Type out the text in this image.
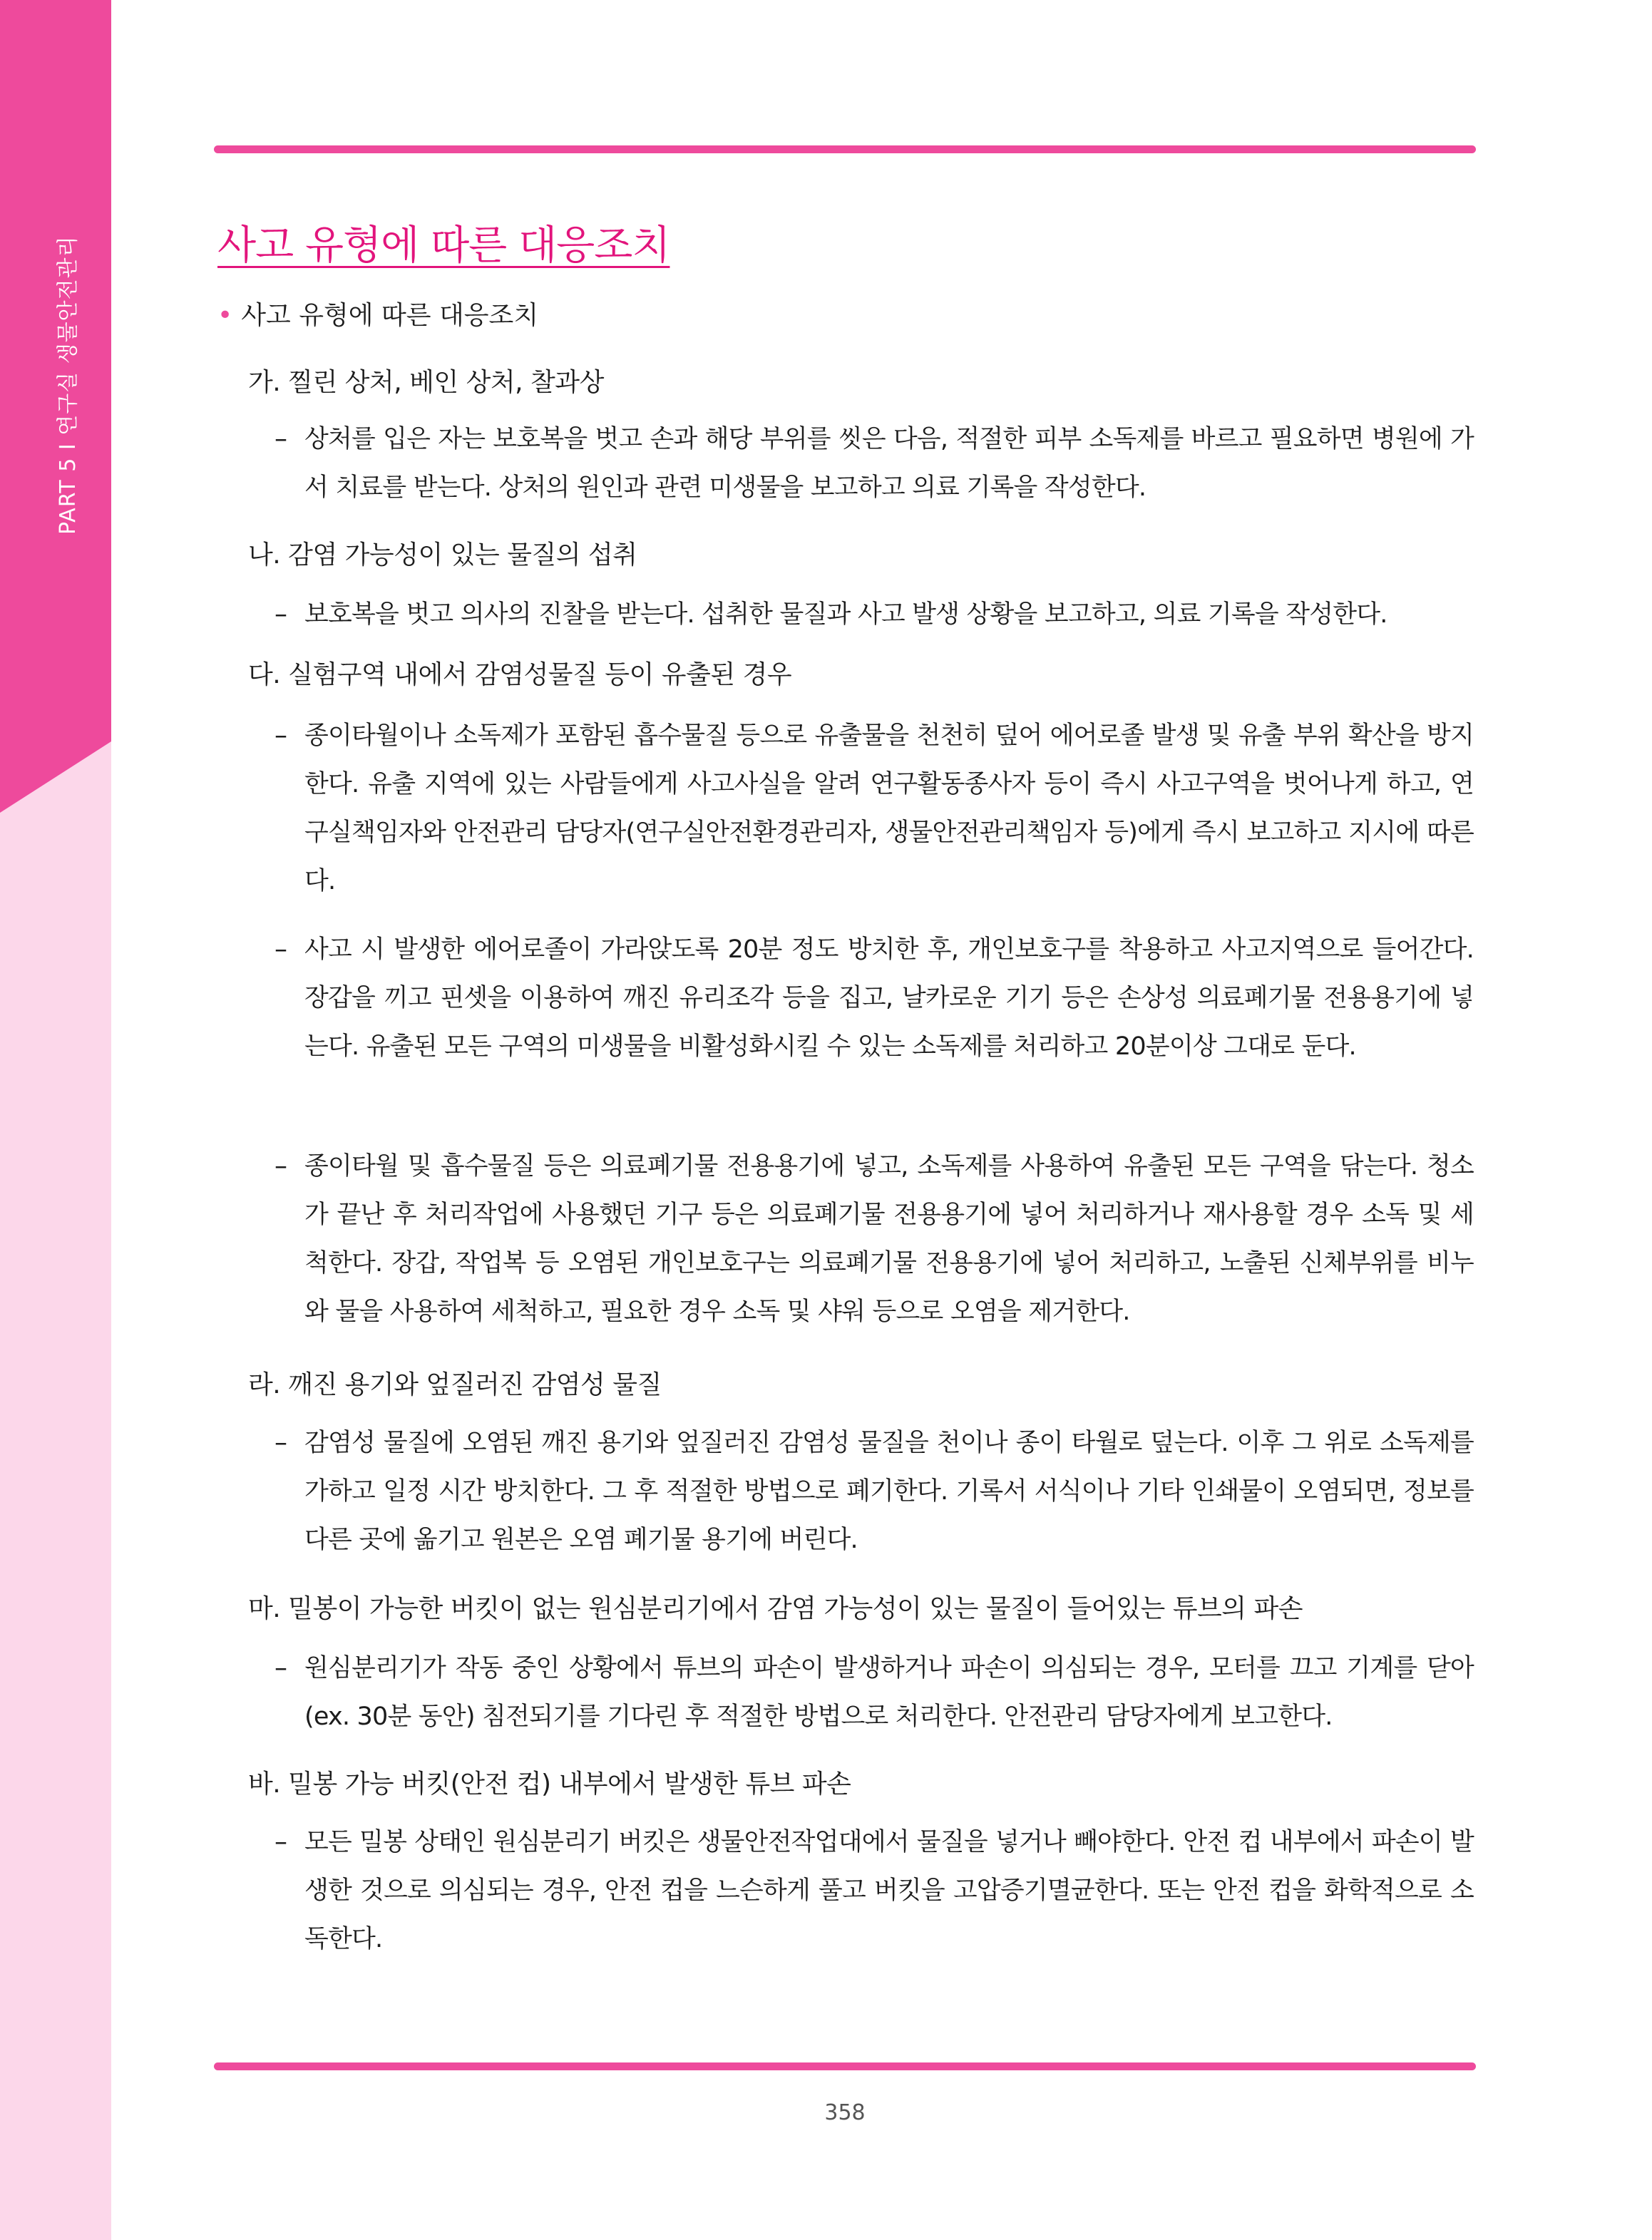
PART 5 I 연구실 생물안전관리	사고 유형에 따른 대응조치
• 사고 유형에 따른 대응조치
가. 찔린 상처, 베인 상처, 찰과상
– 상처를 입은 자는 보호복을 벗고 손과 해당 부위를 씻은 다음, 적절한 피부 소독제를 바르고 필요하면 병원에 가서 치료를 받는다. 상처의 원인과 관련 미생물을 보고하고 의료 기록을 작성한다.
나. 감염 가능성이 있는 물질의 섭취
– 보호복을 벗고 의사의 진찰을 받는다. 섭취한 물질과 사고 발생 상황을 보고하고, 의료 기록을 작성한다.
다. 실험구역 내에서 감염성물질 등이 유출된 경우
– 종이타월이나 소독제가 포함된 흡수물질 등으로 유출물을 천천히 덮어 에어로졸 발생 및 유출 부위 확산을 방지한다. 유출 지역에 있는 사람들에게 사고사실을 알려 연구활동종사자 등이 즉시 사고구역을 벗어나게 하고, 연구실책임자와 안전관리 담당자(연구실안전환경관리자, 생물안전관리책임자 등)에게 즉시 보고하고 지시에 따른다.
– 사고 시 발생한 에어로졸이 가라앉도록 20분 정도 방치한 후, 개인보호구를 착용하고 사고지역으로 들어간다. 장갑을 끼고 핀셋을 이용하여 깨진 유리조각 등을 집고, 날카로운 기기 등은 손상성 의료폐기물 전용용기에 넣는다. 유출된 모든 구역의 미생물을 비활성화시킬 수 있는 소독제를 처리하고 20분이상 그대로 둔다.
– 종이타월 및 흡수물질 등은 의료폐기물 전용용기에 넣고, 소독제를 사용하여 유출된 모든 구역을 닦는다. 청소가 끝난 후 처리작업에 사용했던 기구 등은 의료폐기물 전용용기에 넣어 처리하거나 재사용할 경우 소독 및 세척한다. 장갑, 작업복 등 오염된 개인보호구는 의료폐기물 전용용기에 넣어 처리하고, 노출된 신체부위를 비누와 물을 사용하여 세척하고, 필요한 경우 소독 및 샤워 등으로 오염을 제거한다.
라. 깨진 용기와 엎질러진 감염성 물질
– 감염성 물질에 오염된 깨진 용기와 엎질러진 감염성 물질을 천이나 종이 타월로 덮는다. 이후 그 위로 소독제를 가하고 일정 시간 방치한다. 그 후 적절한 방법으로 폐기한다. 기록서 서식이나 기타 인쇄물이 오염되면, 정보를 다른 곳에 옮기고 원본은 오염 폐기물 용기에 버린다.
마. 밀봉이 가능한 버킷이 없는 원심분리기에서 감염 가능성이 있는 물질이 들어있는 튜브의 파손
– 원심분리기가 작동 중인 상황에서 튜브의 파손이 발생하거나 파손이 의심되는 경우, 모터를 끄고 기계를 닫아(ex. 30분 동안) 침전되기를 기다린 후 적절한 방법으로 처리한다. 안전관리 담당자에게 보고한다.
바. 밀봉 가능 버킷(안전 컵) 내부에서 발생한 튜브 파손
– 모든 밀봉 상태인 원심분리기 버킷은 생물안전작업대에서 물질을 넣거나 빼야한다. 안전 컵 내부에서 파손이 발생한 것으로 의심되는 경우, 안전 컵을 느슨하게 풀고 버킷을 고압증기멸균한다. 또는 안전 컵을 화학적으로 소독한다.
358
